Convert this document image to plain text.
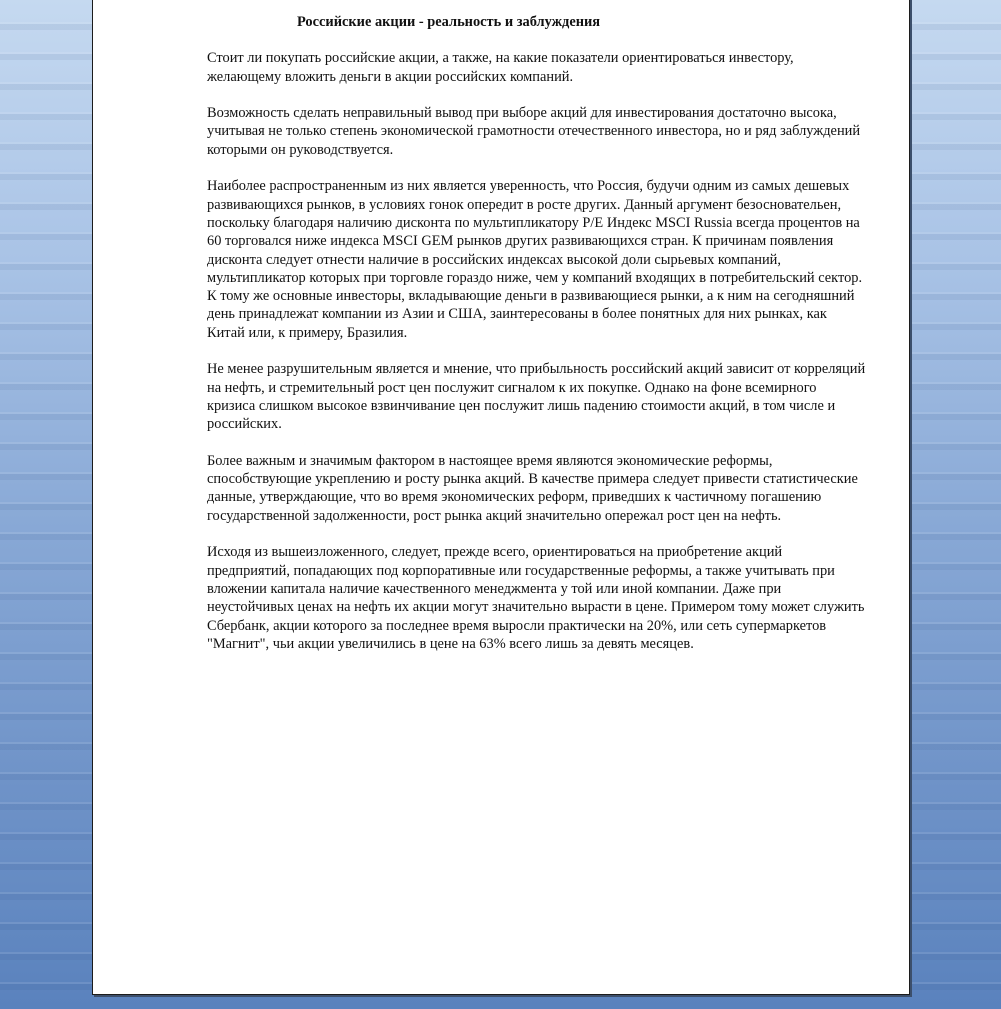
Российские акции - реальность и заблуждения

Стоит ли покупать российские акции, а также, на какие показатели ориентироваться инвестору, желающему вложить деньги в акции российских компаний.

Возможность сделать неправильный вывод при выборе акций для инвестирования достаточно высока, учитывая не только степень экономической грамотности отечественного инвестора, но и ряд заблуждений которыми он руководствуется.

Наиболее распространенным из них является уверенность, что Россия, будучи одним из самых дешевых развивающихся рынков, в условиях гонок опередит в росте других. Данный аргумент безосновательен, поскольку благодаря наличию дисконта по мультипликатору P/E Индекс MSCI Russia всегда процентов на 60 торговался ниже индекса MSCI GEM рынков других развивающихся стран. К причинам появления дисконта следует отнести наличие в российских индексах высокой доли сырьевых компаний, мультипликатор которых при торговле гораздо ниже, чем у компаний входящих в потребительский сектор. К тому же основные инвесторы, вкладывающие деньги в развивающиеся рынки, а к ним на сегодняшний день принадлежат компании из Азии и США, заинтересованы в более понятных для них рынках, как Китай или, к примеру, Бразилия.

Не менее разрушительным является и мнение, что прибыльность российский акций зависит от корреляций на нефть, и стремительный рост цен послужит сигналом к их покупке. Однако на фоне всемирного кризиса слишком высокое взвинчивание цен послужит лишь падению стоимости акций, в том числе и российских.

Более важным и значимым фактором в настоящее время являются экономические реформы, способствующие укреплению и росту рынка акций. В качестве примера следует привести статистические данные, утверждающие, что во время экономических реформ, приведших к частичному погашению государственной задолженности, рост рынка акций значительно опережал рост цен на нефть.

Исходя из вышеизложенного, следует, прежде всего, ориентироваться на приобретение акций предприятий, попадающих под корпоративные или государственные реформы, а также учитывать при вложении капитала наличие качественного менеджмента у той или иной компании. Даже при неустойчивых ценах на нефть их акции могут значительно вырасти в цене. Примером тому может служить Сбербанк, акции которого за последнее время выросли практически на 20%, или сеть супермаркетов "Магнит", чьи акции увеличились в цене на 63% всего лишь за девять месяцев.
